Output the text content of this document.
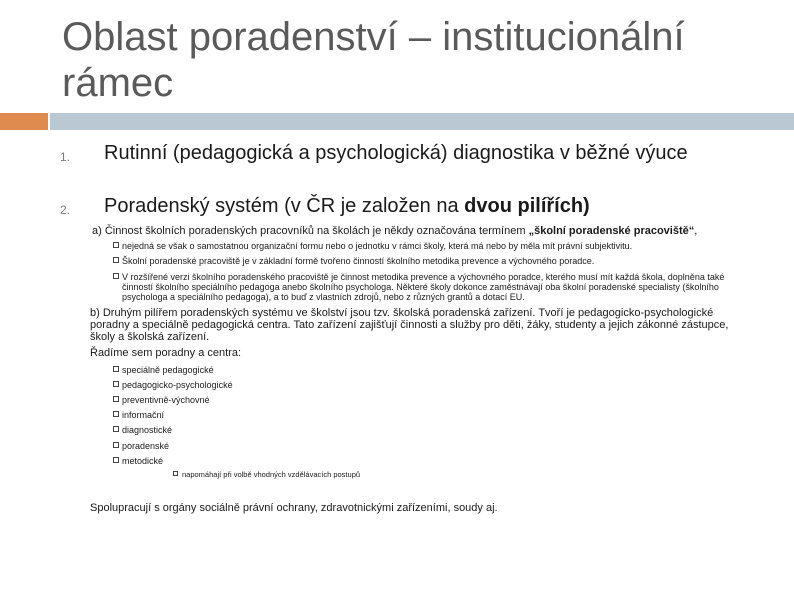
Oblast poradenství – institucionální rámec
1. Rutinní (pedagogická a psychologická) diagnostika v běžné výuce
2. Poradenský systém (v ČR je založen na dvou pilířích)
a) Činnost školních poradenských pracovníků na školách je někdy označována termínem „školní poradenské pracoviště“,
nejedná se však o samostatnou organizační formu nebo o jednotku v rámci školy, která má nebo by měla mít právní subjektivitu.
Školní poradenské pracoviště je v základní formě tvořeno činností školního metodika prevence a výchovného poradce.
V rozšířené verzi školního poradenského pracoviště je činnost metodika prevence a výchovného poradce, kterého musí mít každá škola, doplněna také činností školního speciálního pedagoga anebo školního psychologa. Některé školy dokonce zaměstnávají oba školní poradenské specialisty (školního psychologa a speciálního pedagoga), a to buď z vlastních zdrojů, nebo z různých grantů a dotací EU.
b) Druhým pilířem poradenských systému ve školství jsou tzv. školská poradenská zařízení. Tvoří je pedagogicko-psychologické poradny a speciálně pedagogická centra. Tato zařízení zajišťují činnosti a služby pro děti, žáky, studenty a jejich zákonné zástupce, školy a školská zařízení.
Řadíme sem poradny a centra:
speciálně pedagogické
pedagogicko-psychologické
preventivně-výchovné
informační
diagnostické
poradenské
metodické
napomáhají při volbě vhodných vzdělávacích postupů
Spolupracují s orgány sociálně právní ochrany, zdravotnickými zařízeními, soudy aj.
